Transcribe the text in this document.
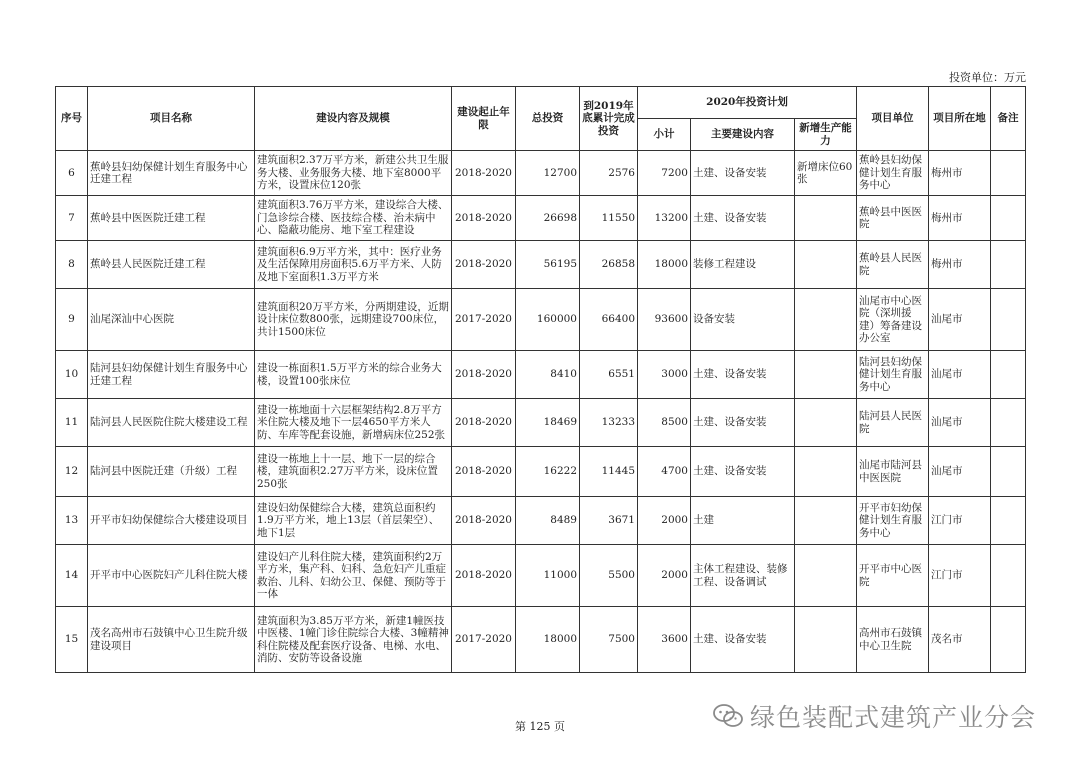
投资单位：万元
序号	项目名称	建设内容及规模	建设起止年限	总投资	到2019年底累计完成投资	2020年投资计划			项目单位	项目所在地	备注
						小计	主要建设内容	新增生产能力			
6	蕉岭县妇幼保健计划生育服务中心迁建工程	建筑面积2.37万平方米，新建公共卫生服务大楼、业务服务大楼、地下室8000平方米，设置床位120张	2018-2020	12700	2576	7200	土建、设备安装	新增床位60张	蕉岭县妇幼保健计划生育服务中心	梅州市	
7	蕉岭县中医医院迁建工程	建筑面积3.76万平方米，建设综合大楼、门急诊综合楼、医技综合楼、治未病中心、隐蔽功能房、地下室工程建设	2018-2020	26698	11550	13200	土建、设备安装		蕉岭县中医医院	梅州市	
8	蕉岭县人民医院迁建工程	建筑面积6.9万平方米，其中：医疗业务及生活保障用房面积5.6万平方米、人防及地下室面积1.3万平方米	2018-2020	56195	26858	18000	装修工程建设		蕉岭县人民医院	梅州市	
9	汕尾深汕中心医院	建筑面积20万平方米，分两期建设，近期设计床位数800张，远期建设700床位，共计1500床位	2017-2020	160000	66400	93600	设备安装		汕尾市中心医院（深圳援建）筹备建设办公室	汕尾市	
10	陆河县妇幼保健计划生育服务中心迁建工程	建设一栋面积1.5万平方米的综合业务大楼，设置100张床位	2018-2020	8410	6551	3000	土建、设备安装		陆河县妇幼保健计划生育服务中心	汕尾市	
11	陆河县人民医院住院大楼建设工程	建设一栋地面十六层框架结构2.8万平方米住院大楼及地下一层4650平方米人防、车库等配套设施，新增病床位252张	2018-2020	18469	13233	8500	土建、设备安装		陆河县人民医院	汕尾市	
12	陆河县中医院迁建（升级）工程	建设一栋地上十一层、地下一层的综合楼，建筑面积2.27万平方米，设床位置250张	2018-2020	16222	11445	4700	土建、设备安装		汕尾市陆河县中医医院	汕尾市	
13	开平市妇幼保健综合大楼建设项目	建设妇幼保健综合大楼，建筑总面积约1.9万平方米，地上13层（首层架空）、地下1层	2018-2020	8489	3671	2000	土建		开平市妇幼保健计划生育服务中心	江门市	
14	开平市中心医院妇产儿科住院大楼	建设妇产儿科住院大楼，建筑面积约2万平方米，集产科、妇科、急危妇产儿重症救治、儿科、妇幼公卫、保健、预防等于一体	2018-2020	11000	5500	2000	主体工程建设、装修工程、设备调试		开平市中心医院	江门市	
15	茂名高州市石鼓镇中心卫生院升级建设项目	建筑面积为3.85万平方米，新建1幢医技中医楼、1幢门诊住院综合大楼、3幢精神科住院楼及配套医疗设备、电梯、水电、消防、安防等设备设施	2017-2020	18000	7500	3600	土建、设备安装		高州市石鼓镇中心卫生院	茂名市	
第 125 页	绿色装配式建筑产业分会
